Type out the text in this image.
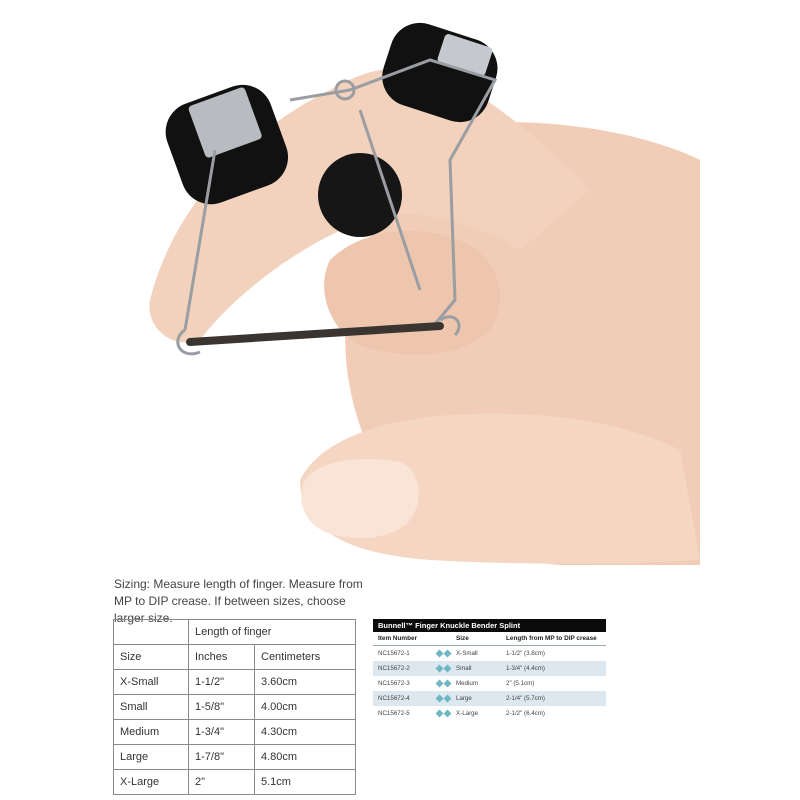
Sizing: Measure length of finger. Measure from MP to DIP crease. If between sizes, choose larger size.
	Length of finger	
Size	Inches	Centimeters
X-Small	1-1/2"	3.60cm
Small	1-5/8"	4.00cm
Medium	1-3/4"	4.30cm
Large	1-7/8"	4.80cm
X-Large	2"	5.1cm
Bunnell™ Finger Knuckle Bender Splint
Item Number	Size	Length from MP to DIP crease
NC15672-1	X-Small	1-1/2" (3.8cm)
NC15672-2	Small	1-3/4" (4.4cm)
NC15672-3	Medium	2" (5.1cm)
NC15672-4	Large	2-1/4" (5.7cm)
NC15672-5	X-Large	2-1/2" (6.4cm)
